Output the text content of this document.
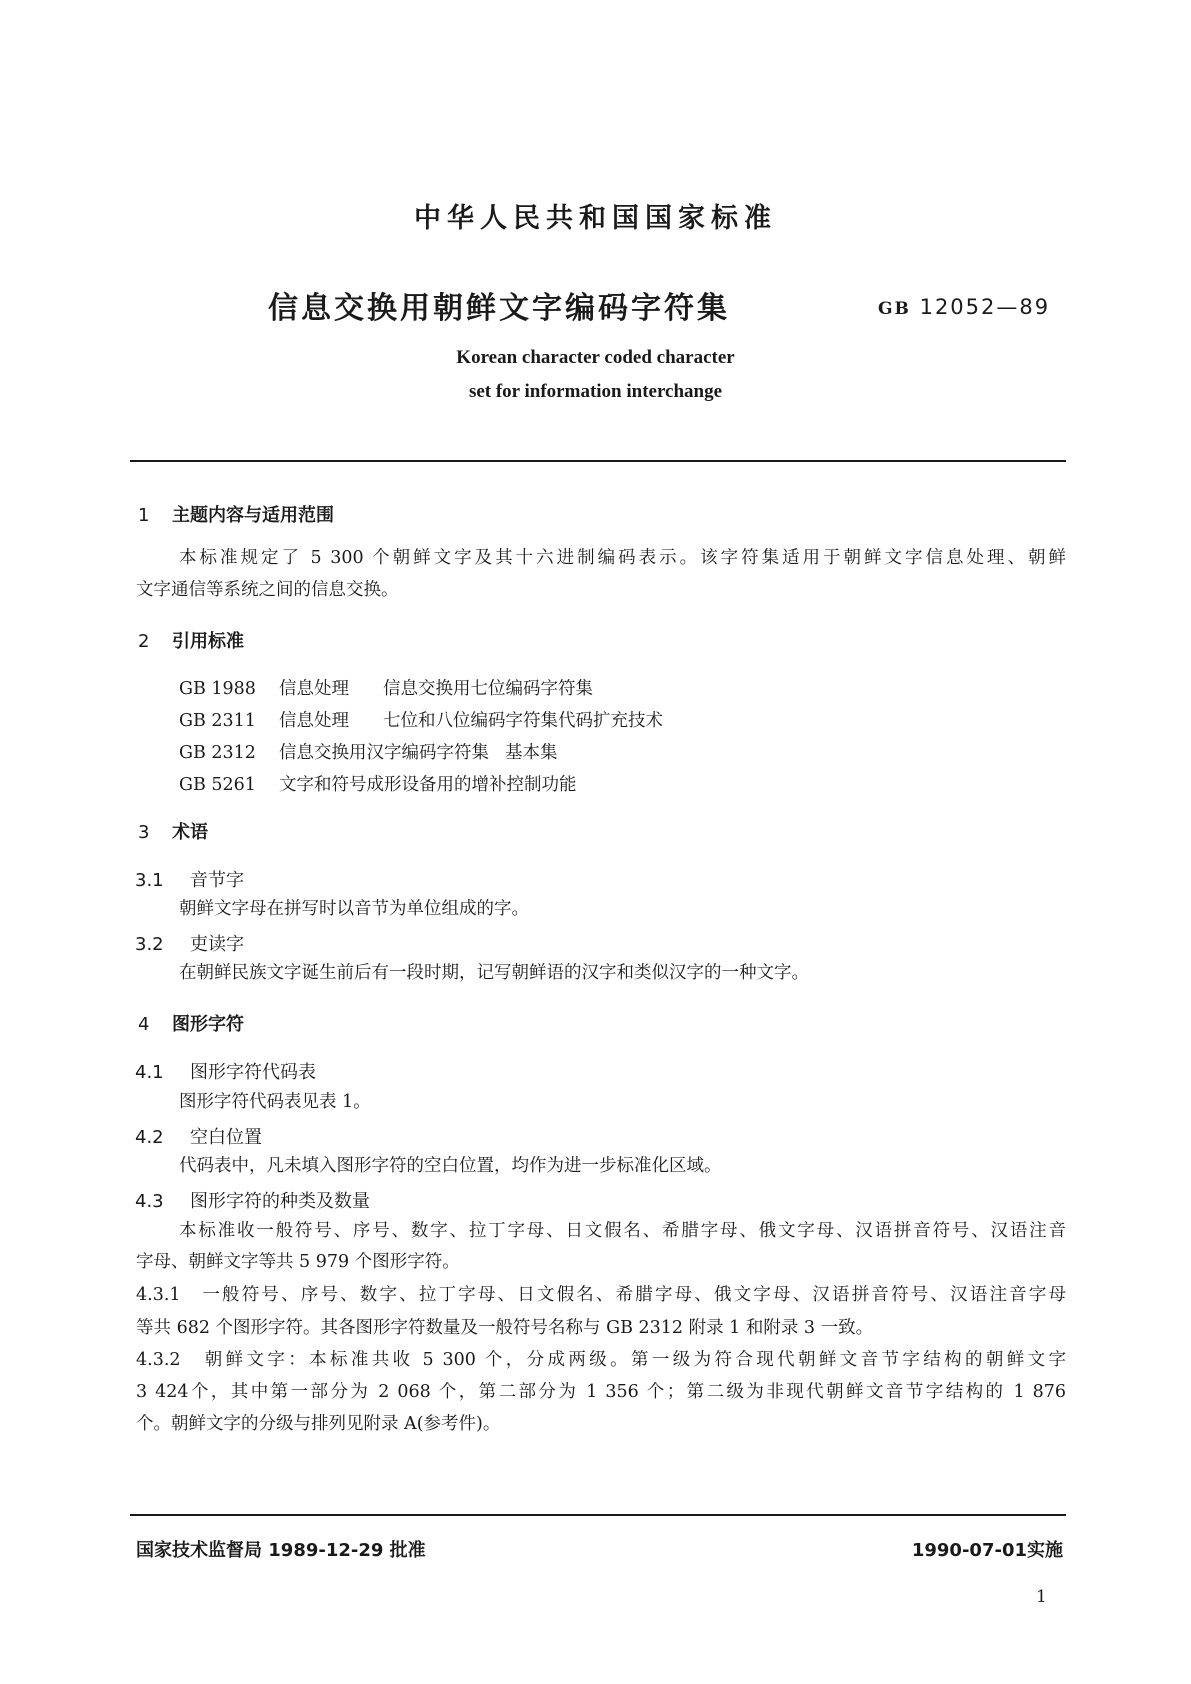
中华人民共和国国家标准
信息交换用朝鲜文字编码字符集	GB 12052—89
Korean character coded character
set for information interchange
1 主题内容与适用范围
本标准规定了 5 300 个朝鲜文字及其十六进制编码表示。该字符集适用于朝鲜文字信息处理、朝鲜
文字通信等系统之间的信息交换。
2 引用标准
GB 1988 信息处理 信息交换用七位编码字符集
GB 2311 信息处理 七位和八位编码字符集代码扩充技术
GB 2312 信息交换用汉字编码字符集 基本集
GB 5261 文字和符号成形设备用的增补控制功能
3 术语
3.1 音节字
朝鲜文字母在拼写时以音节为单位组成的字。
3.2 吏读字
在朝鲜民族文字诞生前后有一段时期，记写朝鲜语的汉字和类似汉字的一种文字。
4 图形字符
4.1 图形字符代码表
图形字符代码表见表 1。
4.2 空白位置
代码表中，凡未填入图形字符的空白位置，均作为进一步标准化区域。
4.3 图形字符的种类及数量
本标准收一般符号、序号、数字、拉丁字母、日文假名、希腊字母、俄文字母、汉语拼音符号、汉语注音
字母、朝鲜文字等共 5 979 个图形字符。
4.3.1　一般符号、序号、数字、拉丁字母、日文假名、希腊字母、俄文字母、汉语拼音符号、汉语注音字母
等共 682 个图形字符。其各图形字符数量及一般符号名称与 GB 2312 附录 1 和附录 3 一致。
4.3.2　朝鲜文字：本标准共收 5 300 个，分成两级。第一级为符合现代朝鲜文音节字结构的朝鲜文字
3 424个，其中第一部分为 2 068 个，第二部分为 1 356 个；第二级为非现代朝鲜文音节字结构的 1 876
个。朝鲜文字的分级与排列见附录 A(参考件)。
国家技术监督局 1989-12-29 批准	1990-07-01实施
1
